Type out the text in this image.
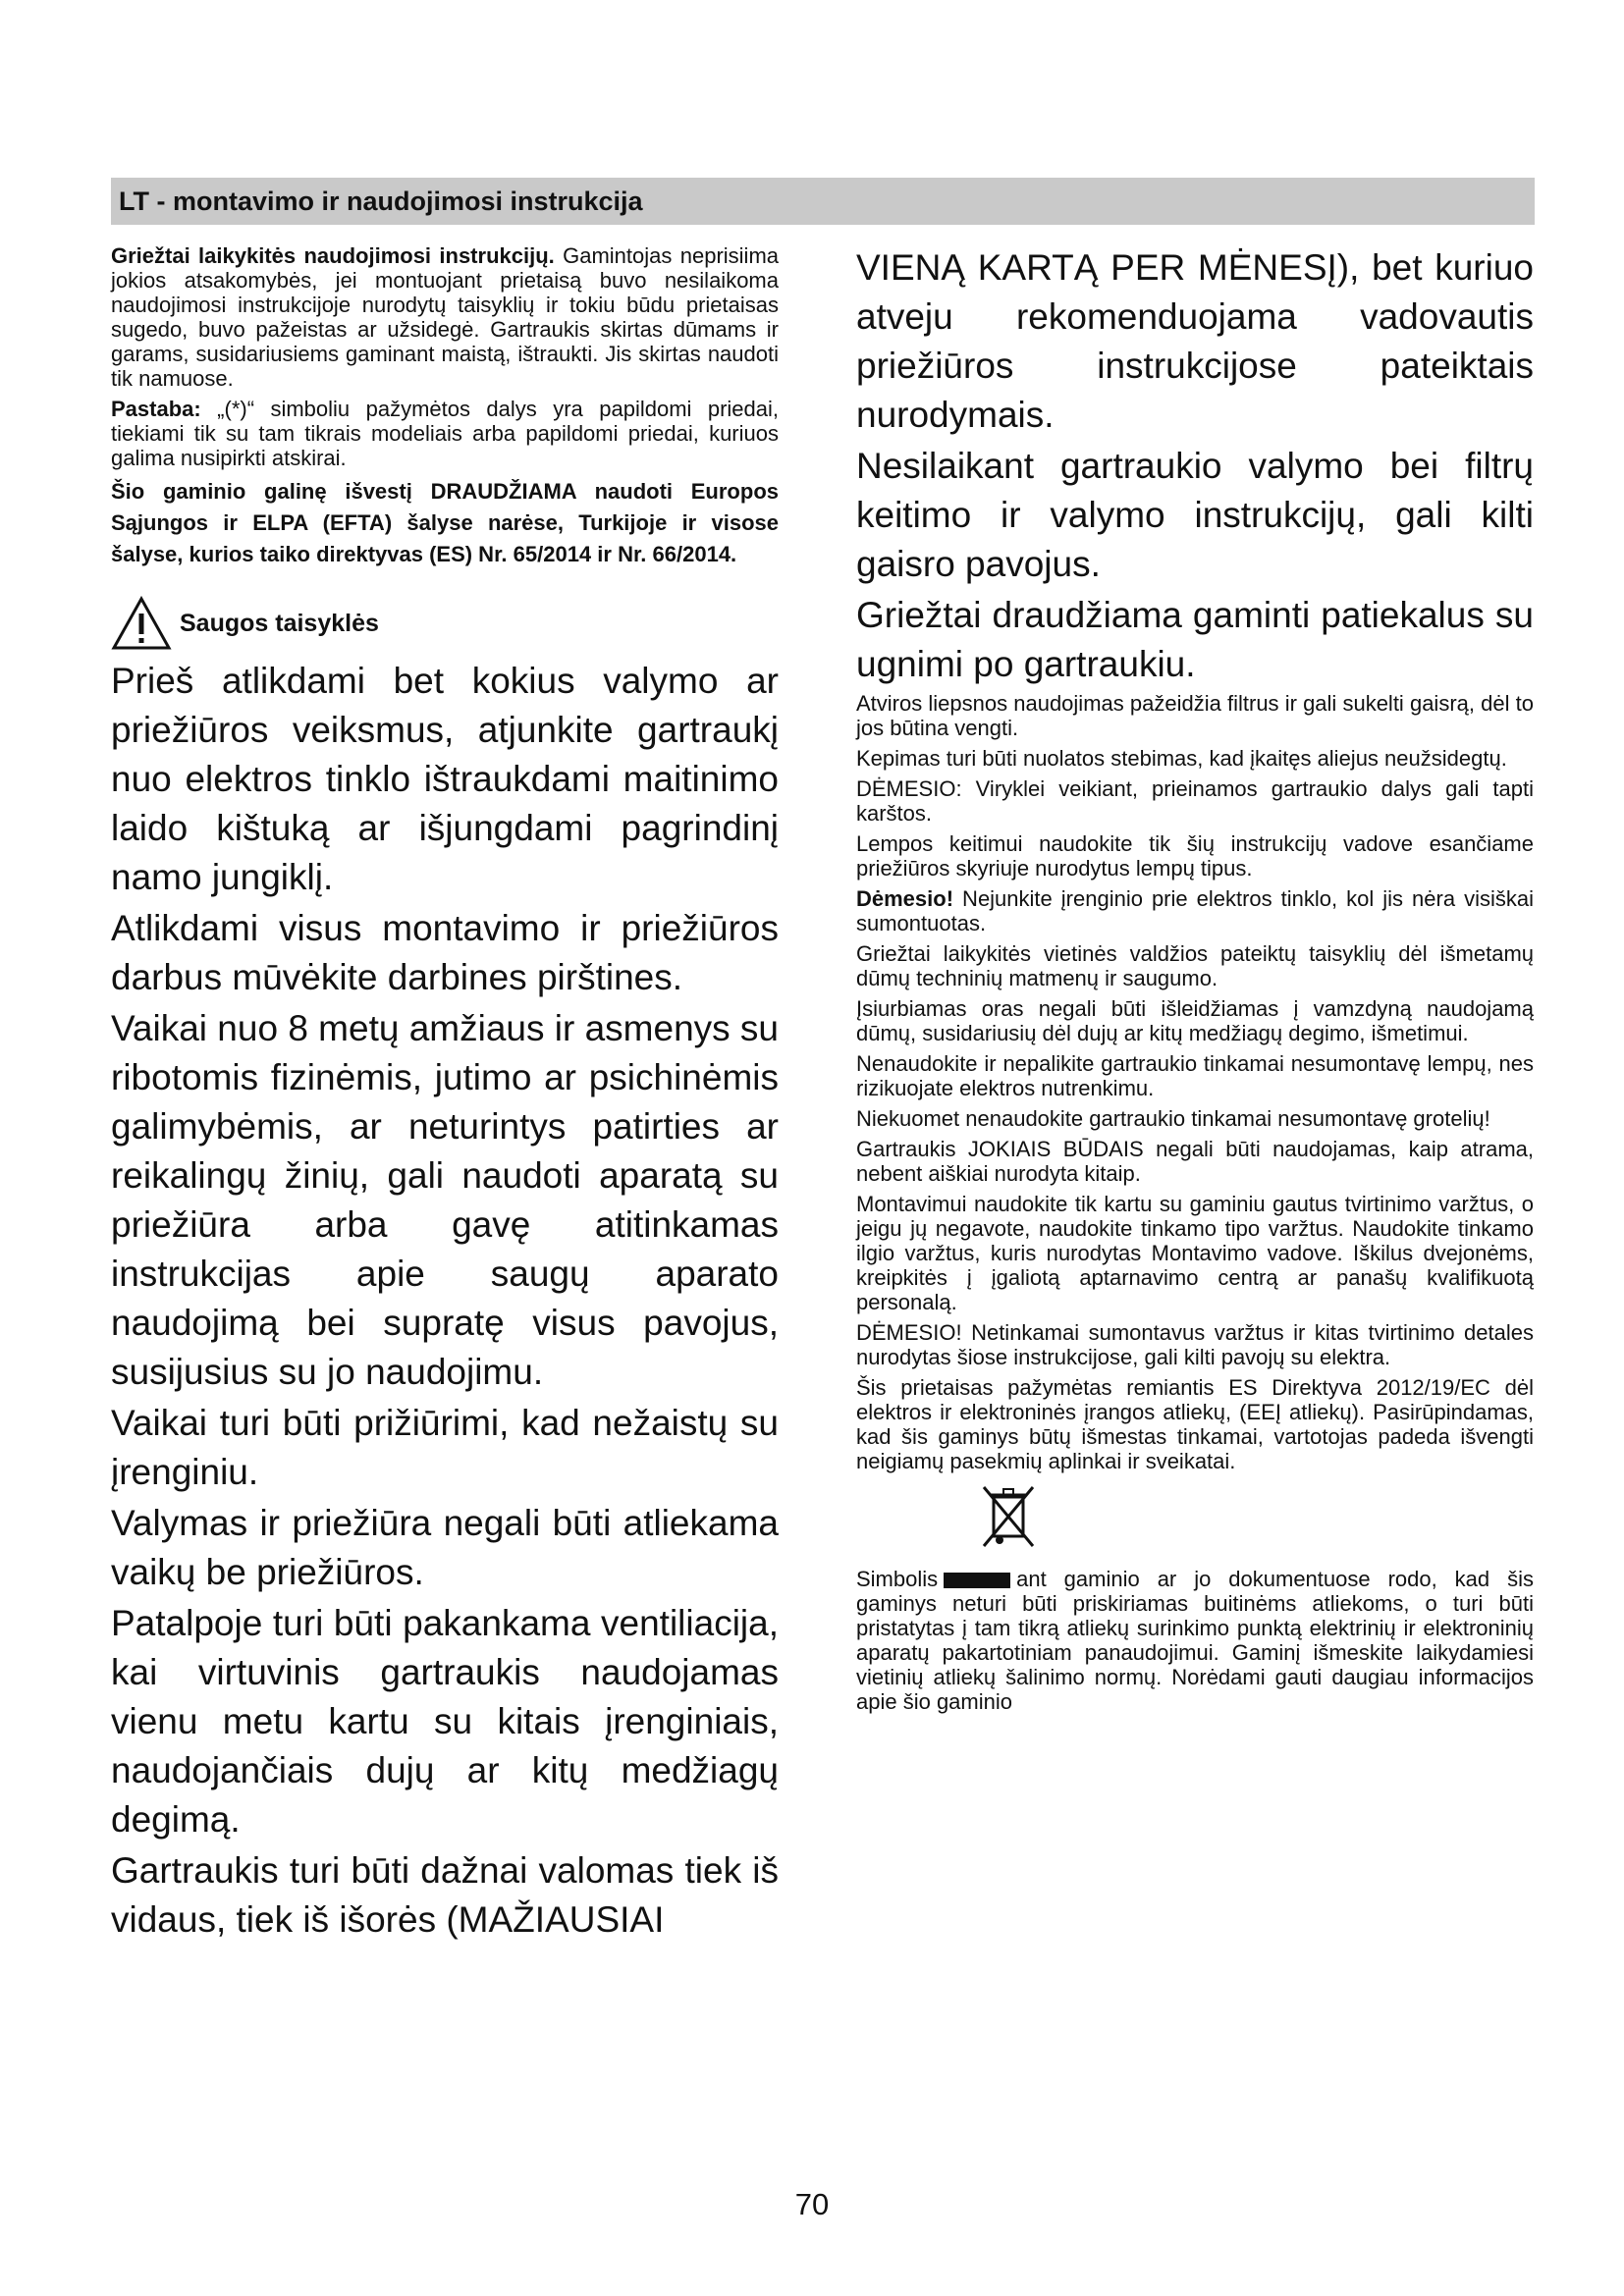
LT - montavimo ir naudojimosi instrukcija

Griežtai laikykitės naudojimosi instrukcijų. Gamintojas neprisiima jokios atsakomybės, jei montuojant prietaisą buvo nesilaikoma naudojimosi instrukcijoje nurodytų taisyklių ir tokiu būdu prietaisas sugedo, buvo pažeistas ar užsidegė. Gartraukis skirtas dūmams ir garams, susidariusiems gaminant maistą, ištraukti. Jis skirtas naudoti tik namuose.

Pastaba: „(*)“ simboliu pažymėtos dalys yra papildomi priedai, tiekiami tik su tam tikrais modeliais arba papildomi priedai, kuriuos galima nusipirkti atskirai.

Šio gaminio galinę išvestį DRAUDŽIAMA naudoti Europos Sąjungos ir ELPA (EFTA) šalyse narėse, Turkijoje ir visose šalyse, kurios taiko direktyvas (ES) Nr. 65/2014 ir Nr. 66/2014.

Saugos taisyklės

Prieš atlikdami bet kokius valymo ar priežiūros veiksmus, atjunkite gartraukį nuo elektros tinklo ištraukdami maitinimo laido kištuką ar išjungdami pagrindinį namo jungiklį.

Atlikdami visus montavimo ir priežiūros darbus mūvėkite darbines pirštines.

Vaikai nuo 8 metų amžiaus ir asmenys su ribotomis fizinėmis, jutimo ar psichinėmis galimybėmis, ar neturintys patirties ar reikalingų žinių, gali naudoti aparatą su priežiūra arba gavę atitinkamas instrukcijas apie saugų aparato naudojimą bei supratę visus pavojus, susijusius su jo naudojimu.

Vaikai turi būti prižiūrimi, kad nežaistų su įrenginiu.

Valymas ir priežiūra negali būti atliekama vaikų be priežiūros.

Patalpoje turi būti pakankama ventiliacija, kai virtuvinis gartraukis naudojamas vienu metu kartu su kitais įrenginiais, naudojančiais dujų ar kitų medžiagų degimą.

Gartraukis turi būti dažnai valomas tiek iš vidaus, tiek iš išorės (MAŽIAUSIAI

VIENĄ KARTĄ PER MĖNESĮ), bet kuriuo atveju rekomenduojama vadovautis priežiūros instrukcijose pateiktais nurodymais.

Nesilaikant gartraukio valymo bei filtrų keitimo ir valymo instrukcijų, gali kilti gaisro pavojus.

Griežtai draudžiama gaminti patiekalus su ugnimi po gartraukiu.

Atviros liepsnos naudojimas pažeidžia filtrus ir gali sukelti gaisrą, dėl to jos būtina vengti.

Kepimas turi būti nuolatos stebimas, kad įkaitęs aliejus neužsidegtų.

DĖMESIO: Viryklei veikiant, prieinamos gartraukio dalys gali tapti karštos.

Lempos keitimui naudokite tik šių instrukcijų vadove esančiame priežiūros skyriuje nurodytus lempų tipus.

Dėmesio! Nejunkite įrenginio prie elektros tinklo, kol jis nėra visiškai sumontuotas.

Griežtai laikykitės vietinės valdžios pateiktų taisyklių dėl išmetamų dūmų techninių matmenų ir saugumo.

Įsiurbiamas oras negali būti išleidžiamas į vamzdyną naudojamą dūmų, susidariusių dėl dujų ar kitų medžiagų degimo, išmetimui.

Nenaudokite ir nepalikite gartraukio tinkamai nesumontavę lempų, nes rizikuojate elektros nutrenkimu.

Niekuomet nenaudokite gartraukio tinkamai nesumontavę grotelių!

Gartraukis JOKIAIS BŪDAIS negali būti naudojamas, kaip atrama, nebent aiškiai nurodyta kitaip.

Montavimui naudokite tik kartu su gaminiu gautus tvirtinimo varžtus, o jeigu jų negavote, naudokite tinkamo tipo varžtus. Naudokite tinkamo ilgio varžtus, kuris nurodytas Montavimo vadove. Iškilus dvejonėms, kreipkitės į įgaliotą aptarnavimo centrą ar panašų kvalifikuotą personalą.

DĖMESIO! Netinkamai sumontavus varžtus ir kitas tvirtinimo detales nurodytas šiose instrukcijose, gali kilti pavojų su elektra.

Šis prietaisas pažymėtas remiantis ES Direktyva 2012/19/EC dėl elektros ir elektroninės įrangos atliekų, (EEĮ atliekų). Pasirūpindamas, kad šis gaminys būtų išmestas tinkamai, vartotojas padeda išvengti neigiamų pasekmių aplinkai ir sveikatai.

Simbolis	ant gaminio ar jo dokumentuose rodo, kad šis gaminys neturi būti priskiriamas buitinėms atliekoms, o turi būti pristatytas į tam tikrą atliekų surinkimo punktą elektrinių ir elektroninių aparatų pakartotiniam panaudojimui. Gaminį išmeskite laikydamiesi vietinių atliekų šalinimo normų. Norėdami gauti daugiau informacijos apie šio gaminio

70
